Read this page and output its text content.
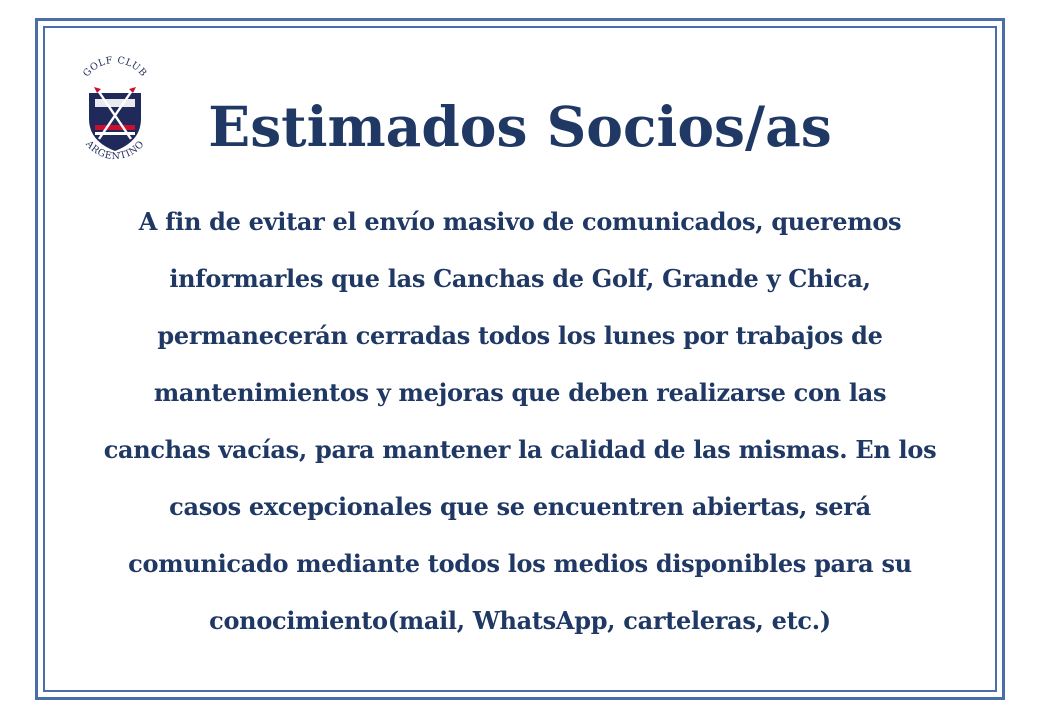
GOLF CLUB
ARGENTINO	Estimados Socios/as

A fin de evitar el envío masivo de comunicados, queremos
informarles que las Canchas de Golf, Grande y Chica,
permanecerán cerradas todos los lunes por trabajos de
mantenimientos y mejoras que deben realizarse con las
canchas vacías, para mantener la calidad de las mismas. En los
casos excepcionales que se encuentren abiertas, será
comunicado mediante todos los medios disponibles para su
conocimiento(mail, WhatsApp, carteleras, etc.)
